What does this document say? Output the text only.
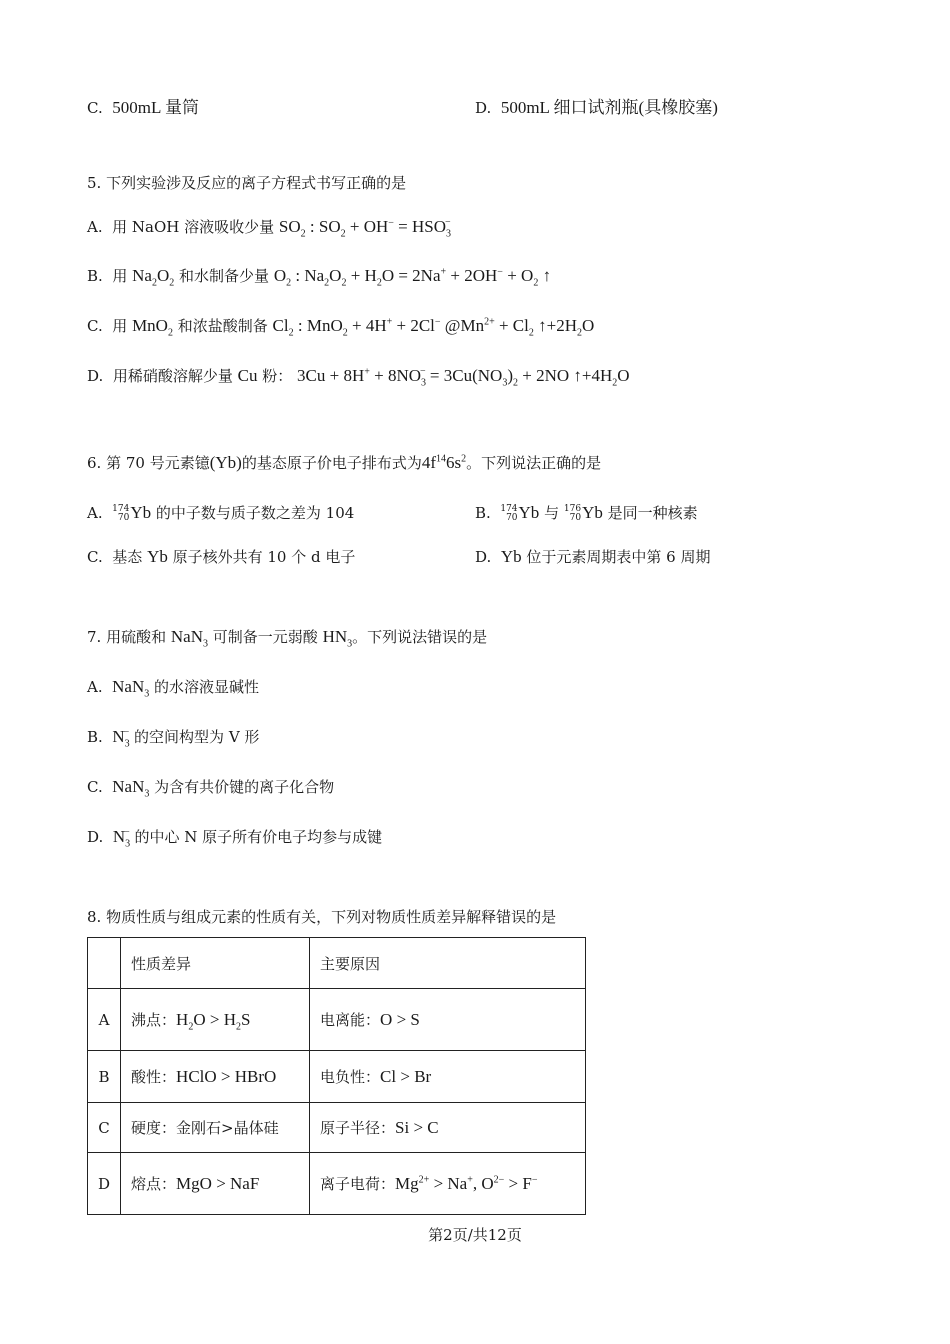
C. 500mL 量筒	D. 500mL 细口试剂瓶(具橡胶塞)
5. 下列实验涉及反应的离子方程式书写正确的是
A. 用 NaOH 溶液吸收少量 $SO_2$ : $SO_2 + OH^- = HSO_3^-$
B. 用 $Na_2O_2$ 和水制备少量 $O_2$ : $Na_2O_2 + H_2O = 2Na^+ + 2OH^- + O_2$ ↑
C. 用 MnO$_2$ 和浓盐酸制备 $Cl_2$ : MnO$_2$ + 4H+ + 2Cl− $@Mn^{2+} + Cl_2$ $↑+2H_2O$
D. 用稀硝酸溶解少量 Cu 粉： $3Cu + 8H^+ + 8NO_3^- = 3Cu(NO_3)_2 + 2NO$ $↑+4H_2O$
6. 第 70 号元素镱(Yb)的基态原子价电子排布式为$4f^{14}6s^2$。下列说法正确的是
A. 174
70 Yb 的中子数与质子数之差为 104	B. 174
70 Yb 与 176
70 Yb 是同一种核素
C. 基态 Yb 原子核外共有 10 个 d 电子	D. Yb 位于元素周期表中第 6 周期
7. 用硫酸和 NaN$_3$ 可制备一元弱酸 $HN_3$。下列说法错误的是
A. NaN$_3$ 的水溶液显碱性
B. $N_3^-$ 的空间构型为 V 形
C. NaN$_3$ 为含有共价键的离子化合物
D. $N_3^-$ 的中心 N 原子所有价电子均参与成键
8. 物质性质与组成元素的性质有关，下列对物质性质差异解释错误的是
	性质差异	主要原因
A	沸点：$H_2O > H_2S$	电离能：O > S
B	酸性：HClO > HBrO	电负性：Cl > Br
C	硬度：金刚石>晶体硅	原子半径：Si > C
D	熔点：MgO > NaF	离子电荷：$Mg^{2+} > Na^+$, $O^{2-} > F^-$
第2页/共12页
